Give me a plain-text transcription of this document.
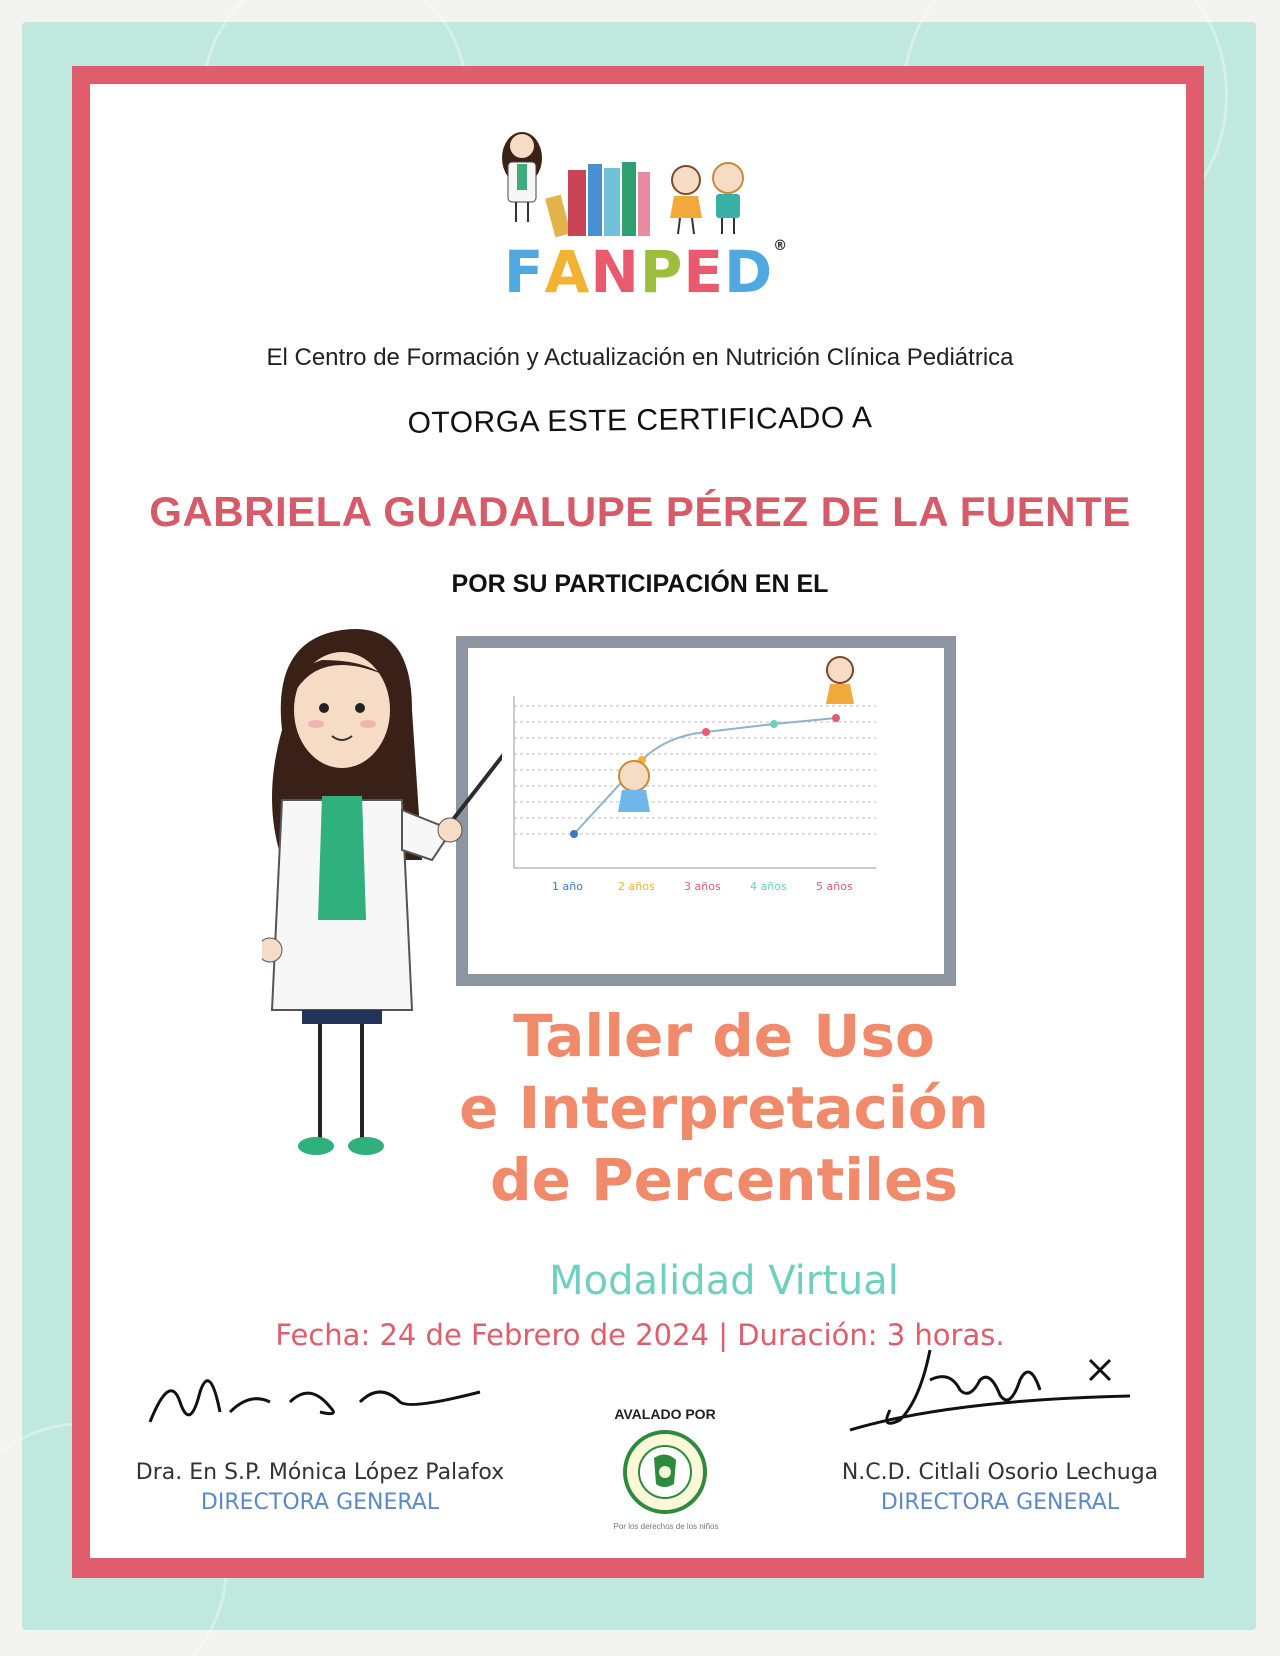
FANPED®
El Centro de Formación y Actualización en Nutrición Clínica Pediátrica
OTORGA ESTE CERTIFICADO A
GABRIELA GUADALUPE PÉREZ DE LA FUENTE
POR SU PARTICIPACIÓN EN EL
1 año	2 años	3 años	4 años	5 años
Taller de Uso
e Interpretación
de Percentiles
Modalidad Virtual
Fecha: 24 de Febrero de 2024 | Duración: 3 horas.
Dra. En S.P. Mónica López Palafox
DIRECTORA GENERAL
N.C.D. Citlali Osorio Lechuga
DIRECTORA GENERAL
AVALADO POR
Por los derechos de los niños
